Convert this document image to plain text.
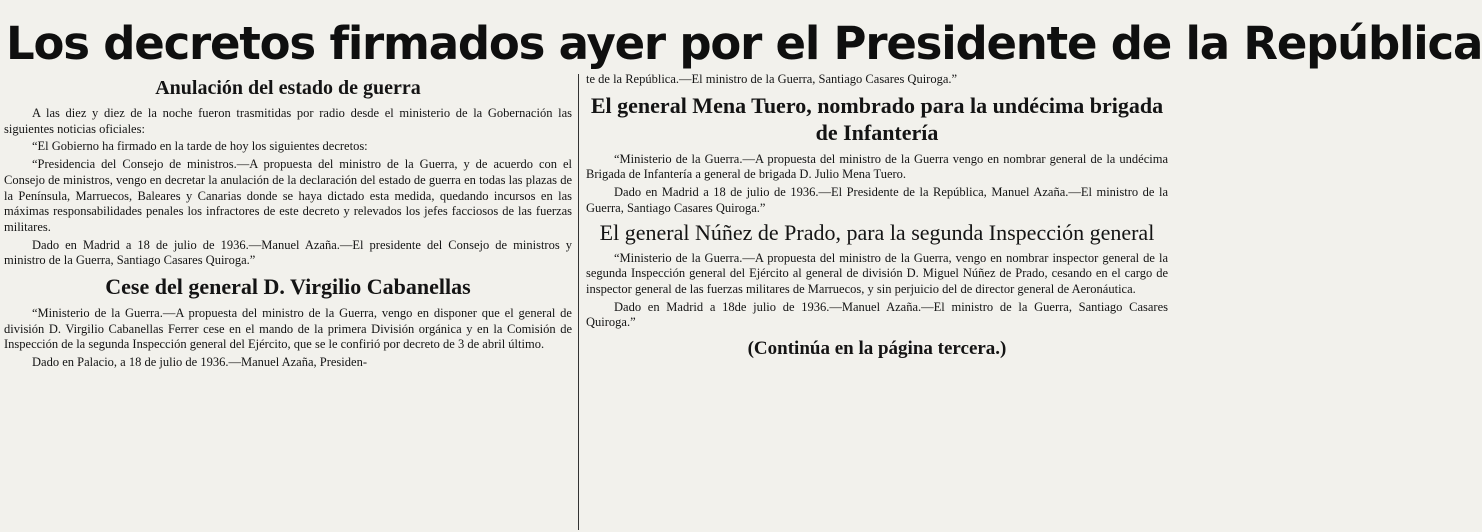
Los decretos firmados ayer por el Presidente de la República
Anulación del estado de guerra

A las diez y diez de la noche fueron trasmitidas por radio desde el ministerio de la Gobernación las siguientes noticias oficiales:

“El Gobierno ha firmado en la tarde de hoy los siguientes decretos:

“Presidencia del Consejo de ministros.—A propuesta del ministro de la Guerra, y de acuerdo con el Consejo de ministros, vengo en decretar la anulación de la declaración del estado de guerra en todas las plazas de la Península, Marruecos, Baleares y Canarias donde se haya dictado esta medida, quedando incursos en las máximas responsabilidades penales los infractores de este decreto y relevados los jefes facciosos de las fuerzas militares.

Dado en Madrid a 18 de julio de 1936.—Manuel Azaña.—El presidente del Consejo de ministros y ministro de la Guerra, Santiago Casares Quiroga.”

Cese del general D. Virgilio Cabanellas

“Ministerio de la Guerra.—A propuesta del ministro de la Guerra, vengo en disponer que el general de división D. Virgilio Cabanellas Ferrer cese en el mando de la primera División orgánica y en la Comisión de Inspección de la segunda Inspección general del Ejército, que se le confirió por decreto de 3 de abril último.

Dado en Palacio, a 18 de julio de 1936.—Manuel Azaña, Presiden-

te de la República.—El ministro de la Guerra, Santiago Casares Quiroga.”

El general Mena Tuero, nombrado para la undécima brigada de Infantería

“Ministerio de la Guerra.—A propuesta del ministro de la Guerra vengo en nombrar general de la undécima Brigada de Infantería a general de brigada D. Julio Mena Tuero.

Dado en Madrid a 18 de julio de 1936.—El Presidente de la República, Manuel Azaña.—El ministro de la Guerra, Santiago Casares Quiroga.”

El general Núñez de Prado, para la segunda Inspección general

“Ministerio de la Guerra.—A propuesta del ministro de la Guerra, vengo en nombrar inspector general de la segunda Inspección general del Ejército al general de división D. Miguel Núñez de Prado, cesando en el cargo de inspector general de las fuerzas militares de Marruecos, y sin perjuicio del de director general de Aeronáutica.

Dado en Madrid a 18de julio de 1936.—Manuel Azaña.—El ministro de la Guerra, Santiago Casares Quiroga.”

(Continúa en la página tercera.)
